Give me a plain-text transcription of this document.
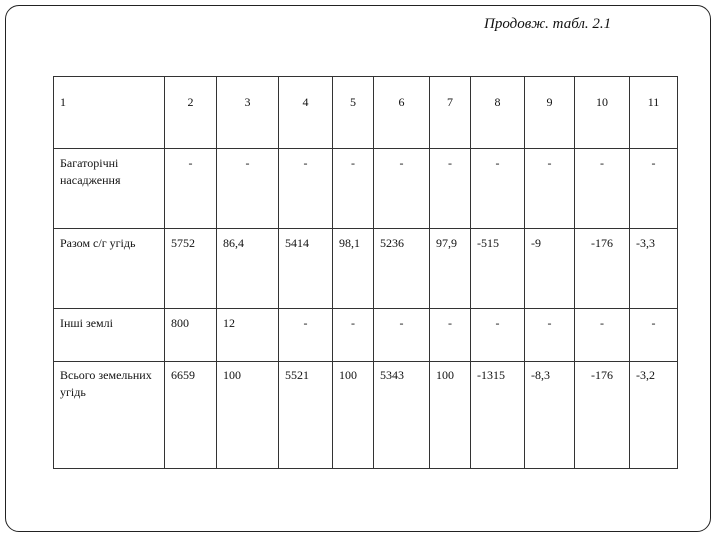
Продовж. табл. 2.1
1	2	3	4	5	6	7	8	9	10	11
Багаторічні насадження	-	-	-	-	-	-	-	-	-	-
Разом с/г угідь	5752	86,4	5414	98,1	5236	97,9	-515	-9	-176	-3,3
Інші землі	800	12	-	-	-	-	-	-	-	-
Всього земельних угідь	6659	100	5521	100	5343	100	-1315	-8,3	-176	-3,2
